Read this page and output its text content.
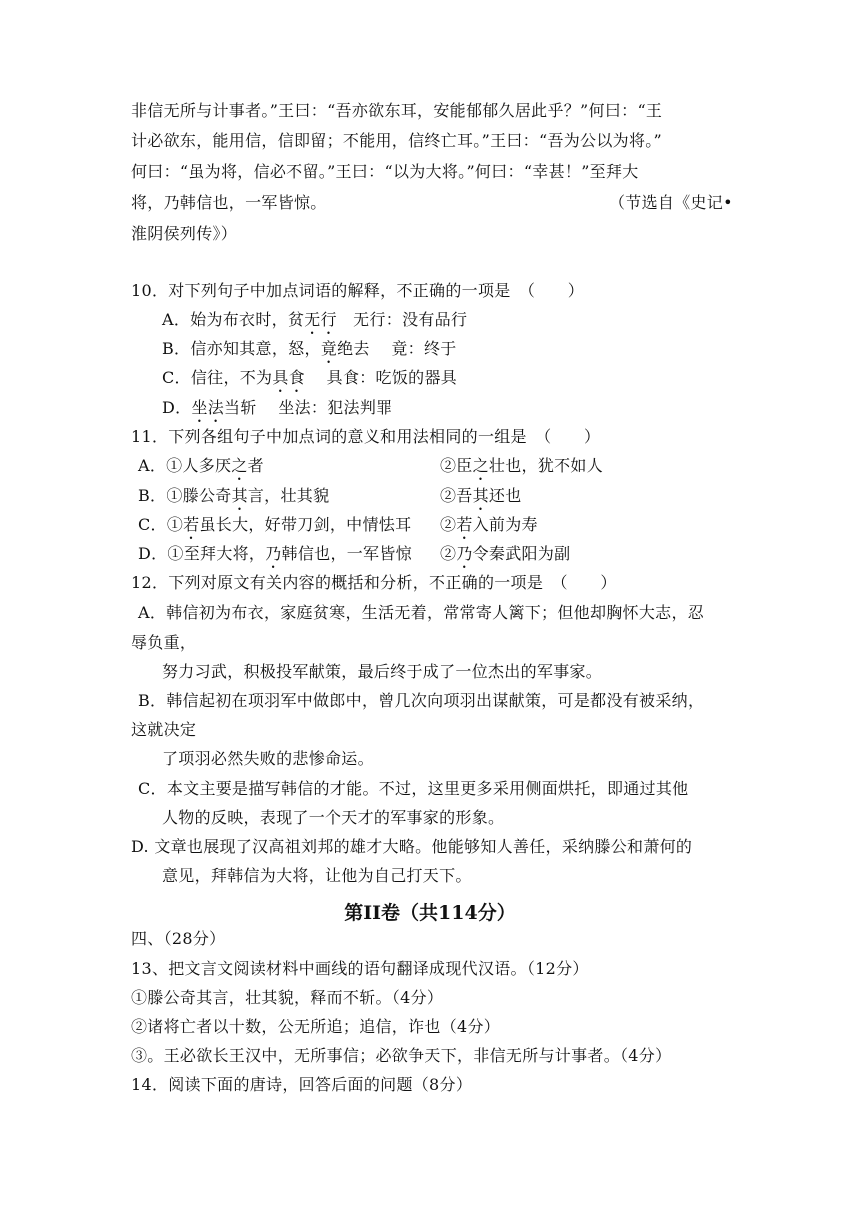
非信无所与计事者。”王曰：“吾亦欲东耳，安能郁郁久居此乎？”何曰：“王
计必欲东，能用信，信即留；不能用，信终亡耳。”王曰：“吾为公以为将。”
何曰：“虽为将，信必不留。”王曰：“以为大将。”何曰：“幸甚！”至拜大
将，乃韩信也，一军皆惊。	（节选自《史记•
淮阴侯列传》）
10．对下列句子中加点词语的解释，不正确的一项是　（　　）
A．始为布衣时，贫无行　无行：没有品行
B．信亦知其意，怒，竟绝去　 竟：终于
C．信往，不为具食　 具食：吃饭的器具
D．坐法当斩　 坐法：犯法判罪
11．下列各组句子中加点词的意义和用法相同的一组是　（　　）
A．①人多厌之者	②臣之壮也，犹不如人
B．①滕公奇其言，壮其貌	②吾其还也
C．①若虽长大，好带刀剑，中情怯耳 ②若入前为寿
D．①至拜大将，乃韩信也，一军皆惊 ②乃令秦武阳为副
12．下列对原文有关内容的概括和分析，不正确的一项是　（　　）
A．韩信初为布衣，家庭贫寒，生活无着，常常寄人篱下；但他却胸怀大志，忍
辱负重，
努力习武，积极投军献策，最后终于成了一位杰出的军事家。
B．韩信起初在项羽军中做郎中，曾几次向项羽出谋献策，可是都没有被采纳，
这就决定
了项羽必然失败的悲惨命运。
C．本文主要是描写韩信的才能。不过，这里更多采用侧面烘托，即通过其他
人物的反映，表现了一个天才的军事家的形象。
D. 文章也展现了汉高祖刘邦的雄才大略。他能够知人善任，采纳滕公和萧何的
意见，拜韩信为大将，让他为自己打天下。
第II卷（共114分）
四、（28分）
13、把文言文阅读材料中画线的语句翻译成现代汉语。（12分）
①滕公奇其言，壮其貌，释而不斩。（4分）
②诸将亡者以十数，公无所追；追信，诈也（4分）
③。王必欲长王汉中，无所事信；必欲争天下，非信无所与计事者。（4分）
14．阅读下面的唐诗，回答后面的问题（8分）
